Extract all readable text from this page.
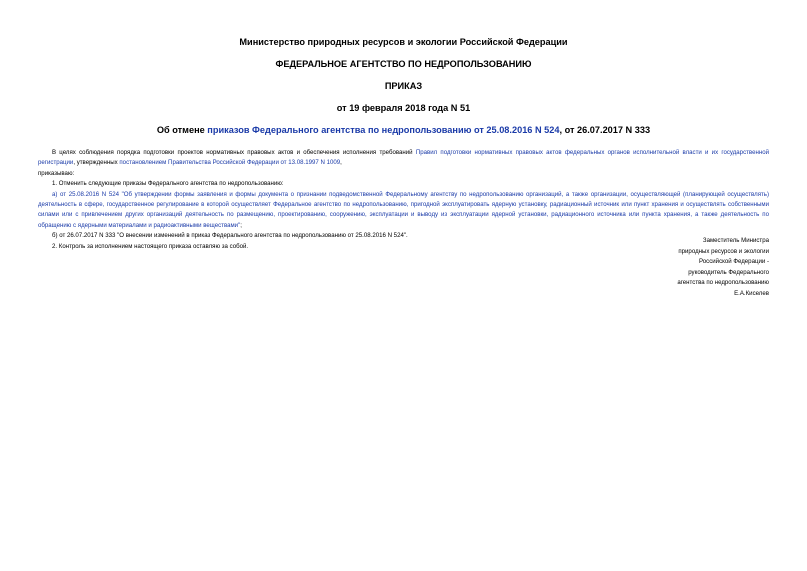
Министерство природных ресурсов и экологии Российской Федерации
ФЕДЕРАЛЬНОЕ АГЕНТСТВО ПО НЕДРОПОЛЬЗОВАНИЮ
ПРИКАЗ
от 19 февраля 2018 года N 51
Об отмене приказов Федерального агентства по недропользованию от 25.08.2016 N 524, от 26.07.2017 N 333

В целях соблюдения порядка подготовки проектов нормативных правовых актов и обеспечения исполнения требований Правил подготовки нормативных правовых актов федеральных органов исполнительной власти и их государственной регистрации, утвержденных постановлением Правительства Российской Федерации от 13.08.1997 N 1009,

приказываю:

1. Отменить следующие приказы Федерального агентства по недропользованию:

а) от 25.08.2016 N 524 "Об утверждении формы заявления и формы документа о признании подведомственной Федеральному агентству по недропользованию организаций, а также организации, осуществляющей (планирующей осуществлять) деятельность в сфере, государственное регулирование в которой осуществляет Федеральное агентство по недропользованию, пригодной эксплуатировать ядерную установку, радиационный источник или пункт хранения и осуществлять собственными силами или с привлечением других организаций деятельность по размещению, проектированию, сооружению, эксплуатации и выводу из эксплуатации ядерной установки, радиационного источника или пункта хранения, а также деятельность по обращению с ядерными материалами и радиоактивными веществами";

б) от 26.07.2017 N 333 "О внесении изменений в приказ Федерального агентства по недропользованию от 25.08.2016 N 524".

2. Контроль за исполнением настоящего приказа оставляю за собой.

Заместитель Министра
природных ресурсов и экологии
Российской Федерации -
руководитель Федерального
агентства по недропользованию
Е.А.Киселев
